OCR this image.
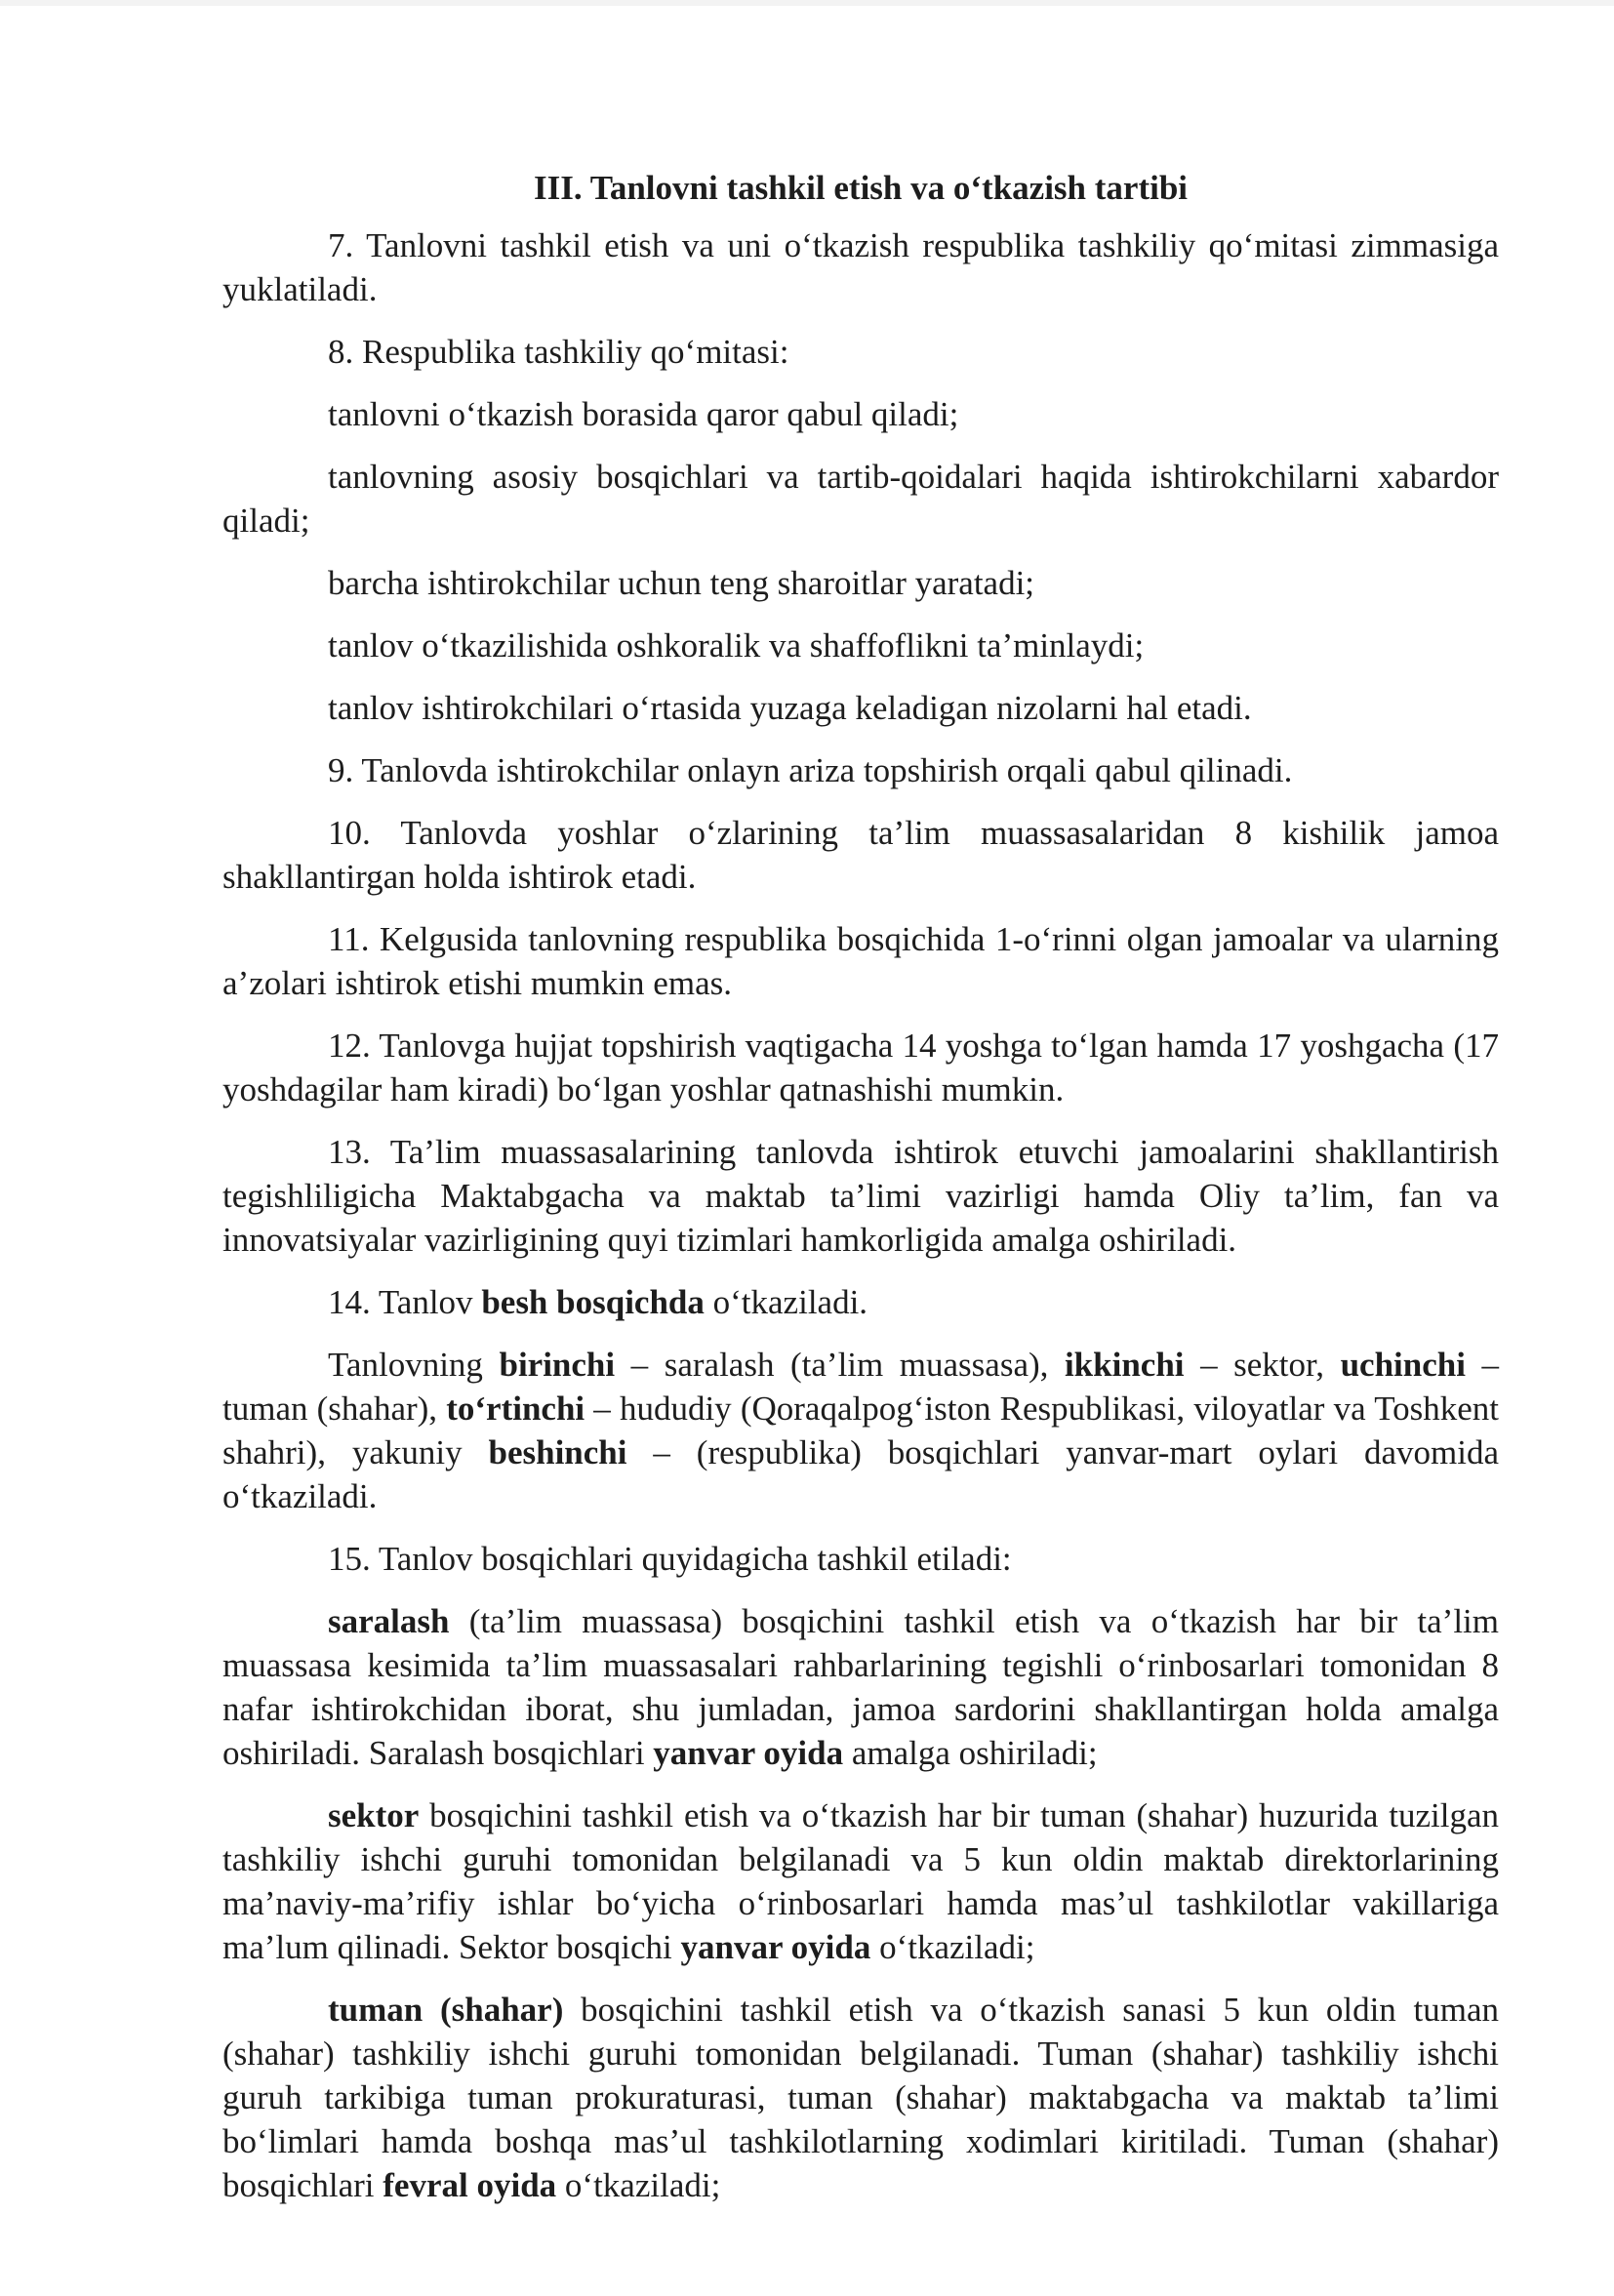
III. Tanlovni tashkil etish va o‘tkazish tartibi
7. Tanlovni tashkil etish va uni o‘tkazish respublika tashkiliy qo‘mitasi zimmasiga yuklatiladi.
8. Respublika tashkiliy qo‘mitasi:
tanlovni o‘tkazish borasida qaror qabul qiladi;
tanlovning asosiy bosqichlari va tartib-qoidalari haqida ishtirokchilarni xabardor qiladi;
barcha ishtirokchilar uchun teng sharoitlar yaratadi;
tanlov o‘tkazilishida oshkoralik va shaffoflikni ta’minlaydi;
tanlov ishtirokchilari o‘rtasida yuzaga keladigan nizolarni hal etadi.
9. Tanlovda ishtirokchilar onlayn ariza topshirish orqali qabul qilinadi.
10. Tanlovda yoshlar o‘zlarining ta’lim muassasalaridan 8 kishilik jamoa shakllantirgan holda ishtirok etadi.
11. Kelgusida tanlovning respublika bosqichida 1-o‘rinni olgan jamoalar va ularning a’zolari ishtirok etishi mumkin emas.
12. Tanlovga hujjat topshirish vaqtigacha 14 yoshga to‘lgan hamda 17 yoshgacha (17 yoshdagilar ham kiradi) bo‘lgan yoshlar qatnashishi mumkin.
13. Ta’lim muassasalarining tanlovda ishtirok etuvchi jamoalarini shakllantirish tegishliligicha Maktabgacha va maktab ta’limi vazirligi hamda Oliy ta’lim, fan va innovatsiyalar vazirligining quyi tizimlari hamkorligida amalga oshiriladi.
14. Tanlov besh bosqichda o‘tkaziladi.
Tanlovning birinchi – saralash (ta’lim muassasa), ikkinchi – sektor, uchinchi – tuman (shahar), to‘rtinchi – hududiy (Qoraqalpog‘iston Respublikasi, viloyatlar va Toshkent shahri), yakuniy beshinchi – (respublika) bosqichlari yanvar-mart oylari davomida o‘tkaziladi.
15. Tanlov bosqichlari quyidagicha tashkil etiladi:
saralash (ta’lim muassasa) bosqichini tashkil etish va o‘tkazish har bir ta’lim muassasa kesimida ta’lim muassasalari rahbarlarining tegishli o‘rinbosarlari tomonidan 8 nafar ishtirokchidan iborat, shu jumladan, jamoa sardorini shakllantirgan holda amalga oshiriladi. Saralash bosqichlari yanvar oyida amalga oshiriladi;
sektor bosqichini tashkil etish va o‘tkazish har bir tuman (shahar) huzurida tuzilgan tashkiliy ishchi guruhi tomonidan belgilanadi va 5 kun oldin maktab direktorlarining ma’naviy-ma’rifiy ishlar bo‘yicha o‘rinbosarlari hamda mas’ul tashkilotlar vakillariga ma’lum qilinadi. Sektor bosqichi yanvar oyida o‘tkaziladi;
tuman (shahar) bosqichini tashkil etish va o‘tkazish sanasi 5 kun oldin tuman (shahar) tashkiliy ishchi guruhi tomonidan belgilanadi. Tuman (shahar) tashkiliy ishchi guruh tarkibiga tuman prokuraturasi, tuman (shahar) maktabgacha va maktab ta’limi bo‘limlari hamda boshqa mas’ul tashkilotlarning xodimlari kiritiladi. Tuman (shahar) bosqichlari fevral oyida o‘tkaziladi;
